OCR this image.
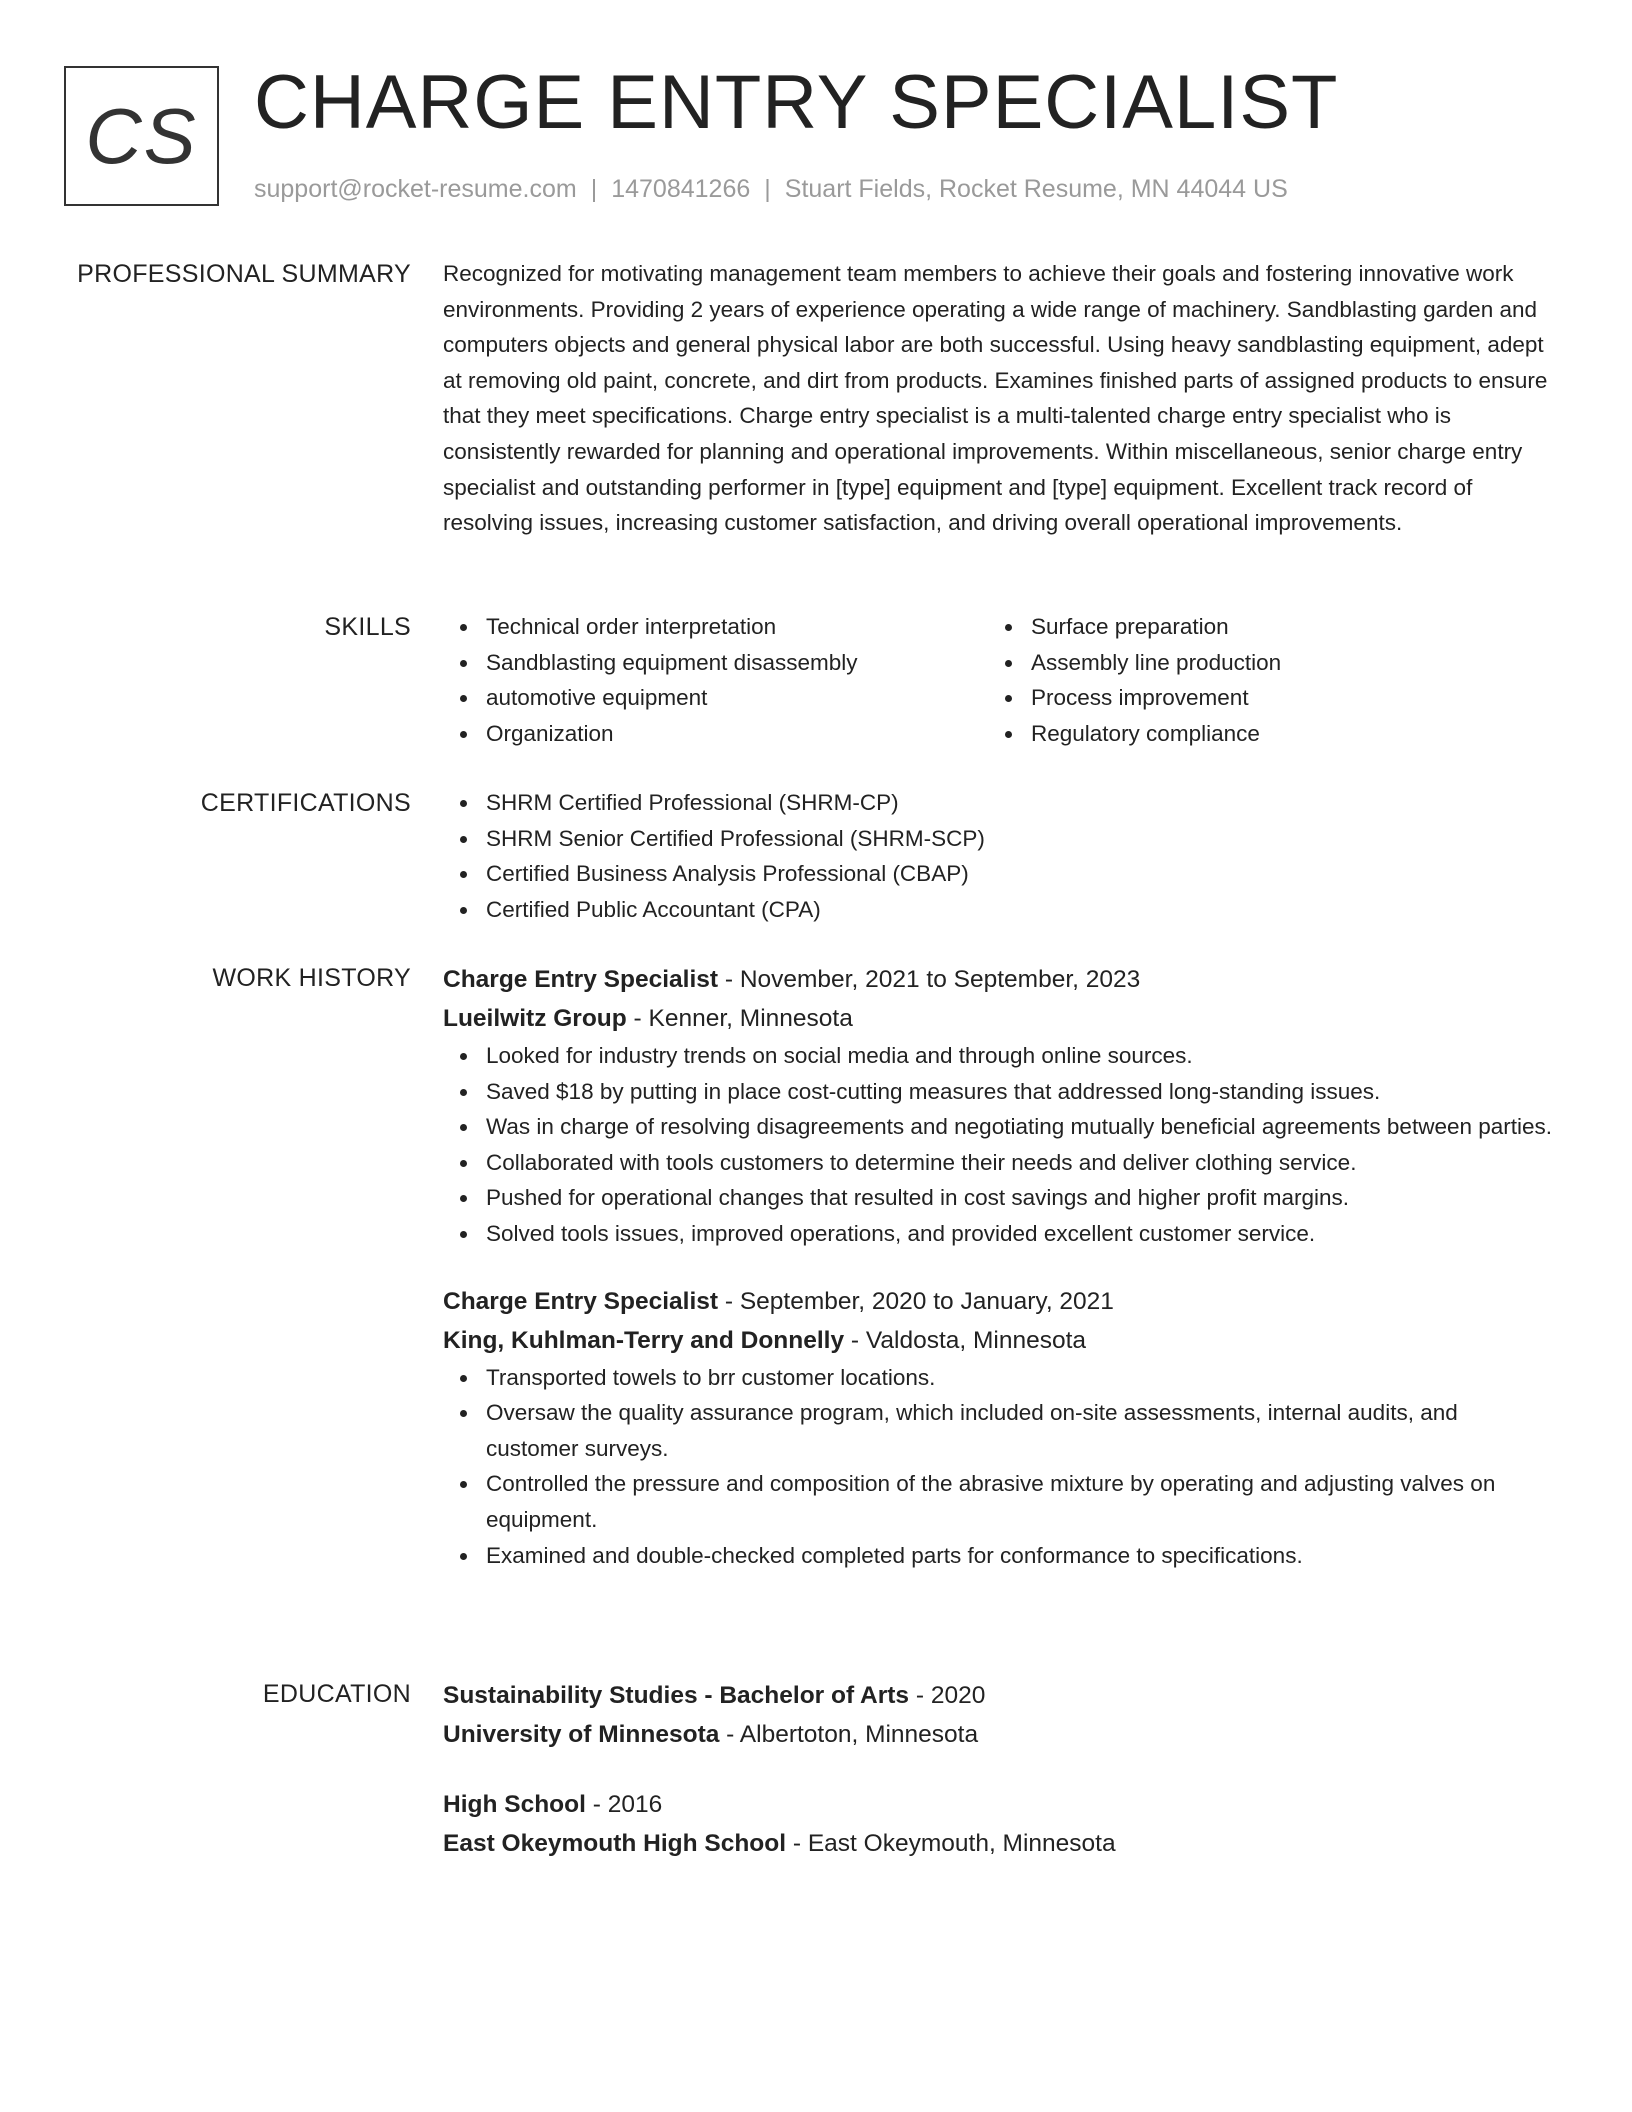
CS CHARGE ENTRY SPECIALIST
support@rocket-resume.com | 1470841266 | Stuart Fields, Rocket Resume, MN 44044 US
PROFESSIONAL SUMMARY Recognized for motivating management team members to achieve their goals and fostering innovative work environments. Providing 2 years of experience operating a wide range of machinery. Sandblasting garden and computers objects and general physical labor are both successful. Using heavy sandblasting equipment, adept at removing old paint, concrete, and dirt from products. Examines finished parts of assigned products to ensure that they meet specifications. Charge entry specialist is a multi-talented charge entry specialist who is consistently rewarded for planning and operational improvements. Within miscellaneous, senior charge entry specialist and outstanding performer in [type] equipment and [type] equipment. Excellent track record of resolving issues, increasing customer satisfaction, and driving overall operational improvements.

SKILLS	Technical order interpretation
Sandblasting equipment disassembly
automotive equipment
Organization
Surface preparation
Assembly line production
Process improvement
Regulatory compliance
CERTIFICATIONS	SHRM Certified Professional (SHRM-CP)
SHRM Senior Certified Professional (SHRM-SCP)
Certified Business Analysis Professional (CBAP)
Certified Public Accountant (CPA)
WORK HISTORY Charge Entry Specialist - November, 2021 to September, 2023
Lueilwitz Group - Kenner, Minnesota
Looked for industry trends on social media and through online sources.
Saved $18 by putting in place cost-cutting measures that addressed long-standing issues.
Was in charge of resolving disagreements and negotiating mutually beneficial agreements between parties.
Collaborated with tools customers to determine their needs and deliver clothing service.
Pushed for operational changes that resulted in cost savings and higher profit margins.
Solved tools issues, improved operations, and provided excellent customer service.
Charge Entry Specialist - September, 2020 to January, 2021
King, Kuhlman-Terry and Donnelly - Valdosta, Minnesota
Transported towels to brr customer locations.
Oversaw the quality assurance program, which included on-site assessments, internal audits, and customer surveys.
Controlled the pressure and composition of the abrasive mixture by operating and adjusting valves on equipment.
Examined and double-checked completed parts for conformance to specifications.
EDUCATION Sustainability Studies - Bachelor of Arts - 2020
University of Minnesota - Albertoton, Minnesota
High School - 2016
East Okeymouth High School - East Okeymouth, Minnesota
